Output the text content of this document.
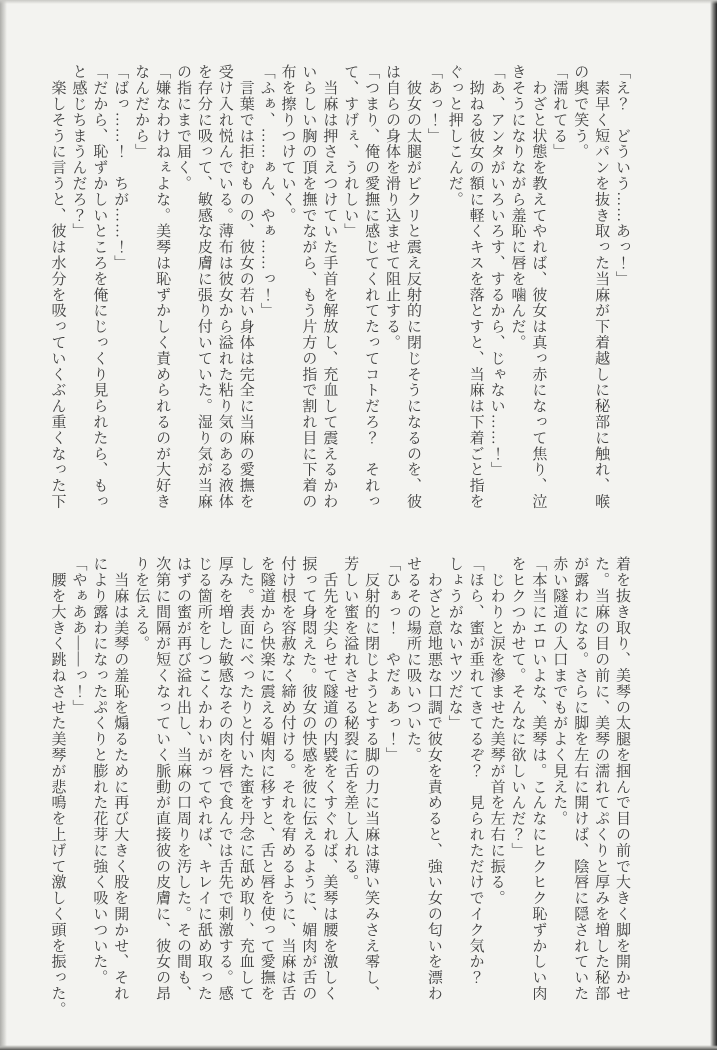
「え？　どういう……あっ！」

　素早く短パンを抜き取った当麻が下着越しに秘部に触れ、喉

の奥で笑う。

「濡れてる」

　わざと状態を教えてやれば、彼女は真っ赤になって焦り、泣

きそうになりながら羞恥に唇を噛んだ。

「あ、アンタがいろいろす、するから、じゃない……！」

　拗ねる彼女の額に軽くキスを落とすと、当麻は下着ごと指を

ぐっと押しこんだ。

「あっ！」

　彼女の太腿がビクリと震え反射的に閉じそうになるのを、彼

は自らの身体を滑り込ませて阻止する。

「つまり、俺の愛撫に感じてくれてたってコトだろ？　それっ

て、すげぇ、うれしい」

　当麻は押さえつけていた手首を解放し、充血して震えるかわ

いらしい胸の頂を撫でながら、もう片方の指で割れ目に下着の

布を擦りつけていく。

「ふぁ、……ぁん、やぁ……っ！」

　言葉では拒むものの、彼女の若い身体は完全に当麻の愛撫を

受け入れ悦んでいる。薄布は彼女から溢れた粘り気のある液体

を存分に吸って、敏感な皮膚に張り付いていた。湿り気が当麻

の指にまで届く。

「嫌なわけねぇよな。美琴は恥ずかしく責められるのが大好き

なんだから」

「ばっ……！　ちが……！」

「だから、恥ずかしいところを俺にじっくり見られたら、もっ

と感じちまうんだろ？」

　楽しそうに言うと、彼は水分を吸っていくぶん重くなった下

着を抜き取り、美琴の太腿を掴んで目の前で大きく脚を開かせ

た。当麻の目の前に、美琴の濡れてぷくりと厚みを増した秘部

が露わになる。さらに脚を左右に開けば、陰唇に隠されていた

赤い隧道の入口までもがよく見えた。

「本当にエロいよな、美琴は。こんなにヒクヒク恥ずかしい肉

をヒクつかせて。そんなに欲しいんだ？」

　じわりと涙を滲ませた美琴が首を左右に振る。

「ほら、蜜が垂れてきてるぞ？　見られただけでイク気か？

しょうがないヤツだな」

　わざと意地悪な口調で彼女を責めると、強い女の匂いを漂わ

せるその場所に吸いついた。

「ひぁっ！　やだぁあっ！」

　反射的に閉じようとする脚の力に当麻は薄い笑みさえ零し、

芳しい蜜を溢れさせる秘裂に舌を差し入れる。

　舌先を尖らせて隧道の内襞をくすぐれば、美琴は腰を激しく

捩って身悶えた。彼女の快感を彼に伝えるように、媚肉が舌の

付け根を容赦なく締め付ける。それを宥めるように、当麻は舌

を隧道から快楽に震える媚肉に移すと、舌と唇を使って愛撫を

した。表面にべったりと付いた蜜を丹念に舐め取り、充血して

厚みを増した敏感なその肉を唇で食んでは舌先で刺激する。感

じる箇所をしつこくかわいがってやれば、キレイに舐め取った

はずの蜜が再び溢れ出し、当麻の口周りを汚した。その間も、

次第に間隔が短くなっていく脈動が直接彼の皮膚に、彼女の昂

りを伝える。

　当麻は美琴の羞恥を煽るために再び大きく股を開かせ、それ

により露わになったぷくりと膨れた花芽に強く吸いついた。

「やぁああ——っ！」

　腰を大きく跳ねさせた美琴が悲鳴を上げて激しく頭を振った。
